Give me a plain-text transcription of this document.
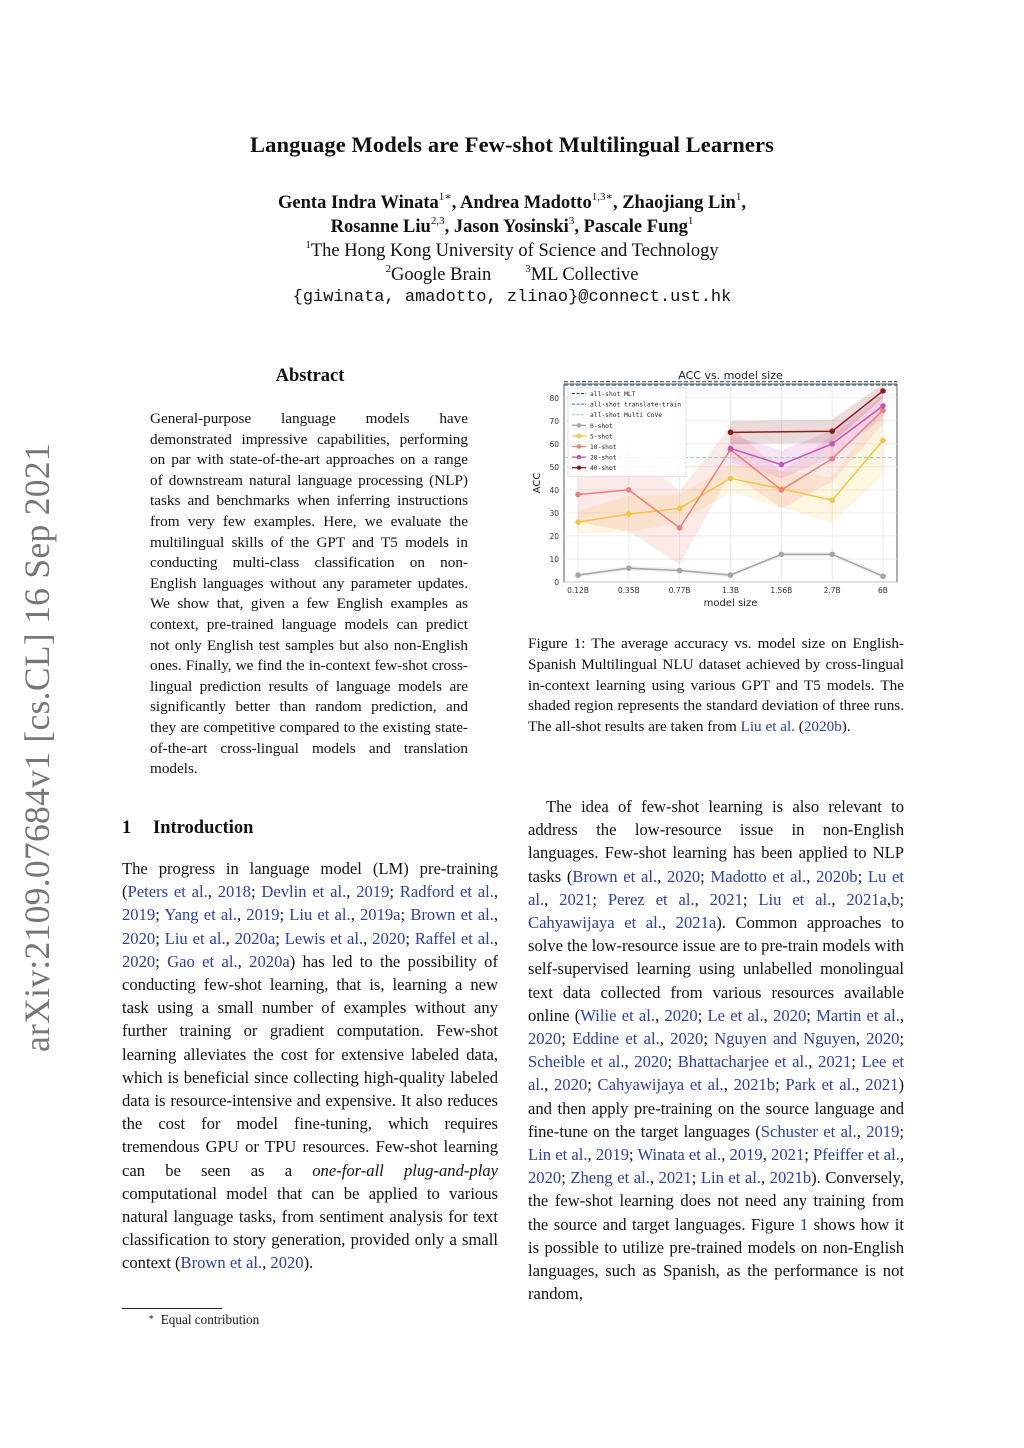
arXiv:2109.07684v1 [cs.CL] 16 Sep 2021
Language Models are Few-shot Multilingual Learners
Genta Indra Winata$^{1∗}$, Andrea Madotto$^{1,3∗}$, Zhaojiang Lin$^1$,
Rosanne Liu$^{2,3}$, Jason Yosinski$^3$, Pascale Fung$^1$
$^1$The Hong Kong University of Science and Technology
$^2$Google Brain	$^3$ML Collective
{giwinata, amadotto, zlinao}@connect.ust.hk
Abstract
General-purpose language models have demonstrated impressive capabilities, performing on par with state-of-the-art approaches on a range of downstream natural language processing (NLP) tasks and benchmarks when inferring instructions from very few examples. Here, we evaluate the multilingual skills of the GPT and T5 models in conducting multi-class classification on non-English languages without any parameter updates. We show that, given a few English examples as context, pre-trained language models can predict not only English test samples but also non-English ones. Finally, we find the in-context few-shot cross-lingual prediction results of language models are significantly better than random prediction, and they are competitive compared to the existing state-of-the-art cross-lingual models and translation models.
1 Introduction
The progress in language model (LM) pre-training (Peters et al., 2018; Devlin et al., 2019; Radford et al., 2019; Yang et al., 2019; Liu et al., 2019a; Brown et al., 2020; Liu et al., 2020a; Lewis et al., 2020; Raffel et al., 2020; Gao et al., 2020a) has led to the possibility of conducting few-shot learning, that is, learning a new task using a small number of examples without any further training or gradient computation. Few-shot learning alleviates the cost for extensive labeled data, which is beneficial since collecting high-quality labeled data is resource-intensive and expensive. It also reduces the cost for model fine-tuning, which requires tremendous GPU or TPU resources. Few-shot learning can be seen as a one-for-all plug-and-play computational model that can be applied to various natural language tasks, from sentiment analysis for text classification to story generation, provided only a small context (Brown et al., 2020).
∗ Equal contribution
ACC vs. model size
0
10
20
30
40
50
60
70
80
0.12B	0.35B	0.77B	1.3B	1.56B	2.7B	6B
model size
ACC
all-shot MLT
all-shot translate-train
all-shot Multi CoVe
0-shot
5-shot
10-shot
20-shot
40-shot
Figure 1: The average accuracy vs. model size on English-Spanish Multilingual NLU dataset achieved by cross-lingual in-context learning using various GPT and T5 models. The shaded region represents the standard deviation of three runs. The all-shot results are taken from Liu et al. (2020b).
The idea of few-shot learning is also relevant to address the low-resource issue in non-English languages. Few-shot learning has been applied to NLP tasks (Brown et al., 2020; Madotto et al., 2020b; Lu et al., 2021; Perez et al., 2021; Liu et al., 2021a,b; Cahyawijaya et al., 2021a). Common approaches to solve the low-resource issue are to pre-train models with self-supervised learning using unlabelled monolingual text data collected from various resources available online (Wilie et al., 2020; Le et al., 2020; Martin et al., 2020; Eddine et al., 2020; Nguyen and Nguyen, 2020; Scheible et al., 2020; Bhattacharjee et al., 2021; Lee et al., 2020; Cahyawijaya et al., 2021b; Park et al., 2021) and then apply pre-training on the source language and fine-tune on the target languages (Schuster et al., 2019; Lin et al., 2019; Winata et al., 2019, 2021; Pfeiffer et al., 2020; Zheng et al., 2021; Lin et al., 2021b). Conversely, the few-shot learning does not need any training from the source and target languages. Figure 1 shows how it is possible to utilize pre-trained models on non-English languages, such as Spanish, as the performance is not random,
